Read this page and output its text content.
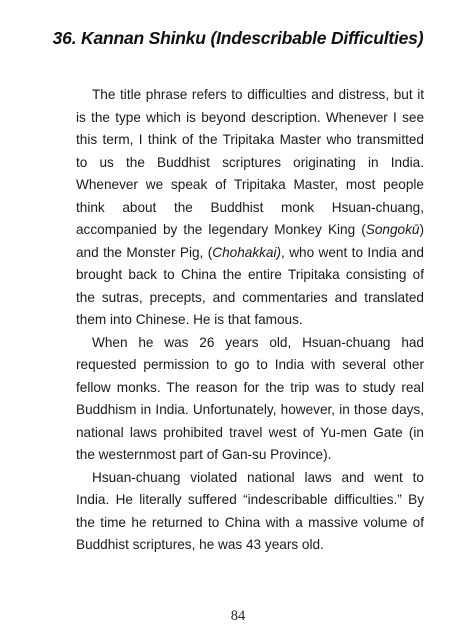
36. Kannan Shinku (Indescribable Difficulties)

The title phrase refers to difficulties and distress, but it is the type which is beyond description. Whenever I see this term, I think of the Tripitaka Master who transmitted to us the Buddhist scriptures originating in India. Whenever we speak of Tripitaka Master, most people think about the Buddhist monk Hsuan-chuang, accompanied by the legendary Monkey King (Songokū) and the Monster Pig, (Chohakkai), who went to India and brought back to China the entire Tripitaka consisting of the sutras, precepts, and commentaries and translated them into Chinese. He is that famous.

When he was 26 years old, Hsuan-chuang had requested permission to go to India with several other fellow monks. The reason for the trip was to study real Buddhism in India. Unfortunately, however, in those days, national laws prohibited travel west of Yu-men Gate (in the westernmost part of Gan-su Province).

Hsuan-chuang violated national laws and went to India. He literally suffered “indescribable difficulties.” By the time he returned to China with a massive volume of Buddhist scriptures, he was 43 years old.

84
